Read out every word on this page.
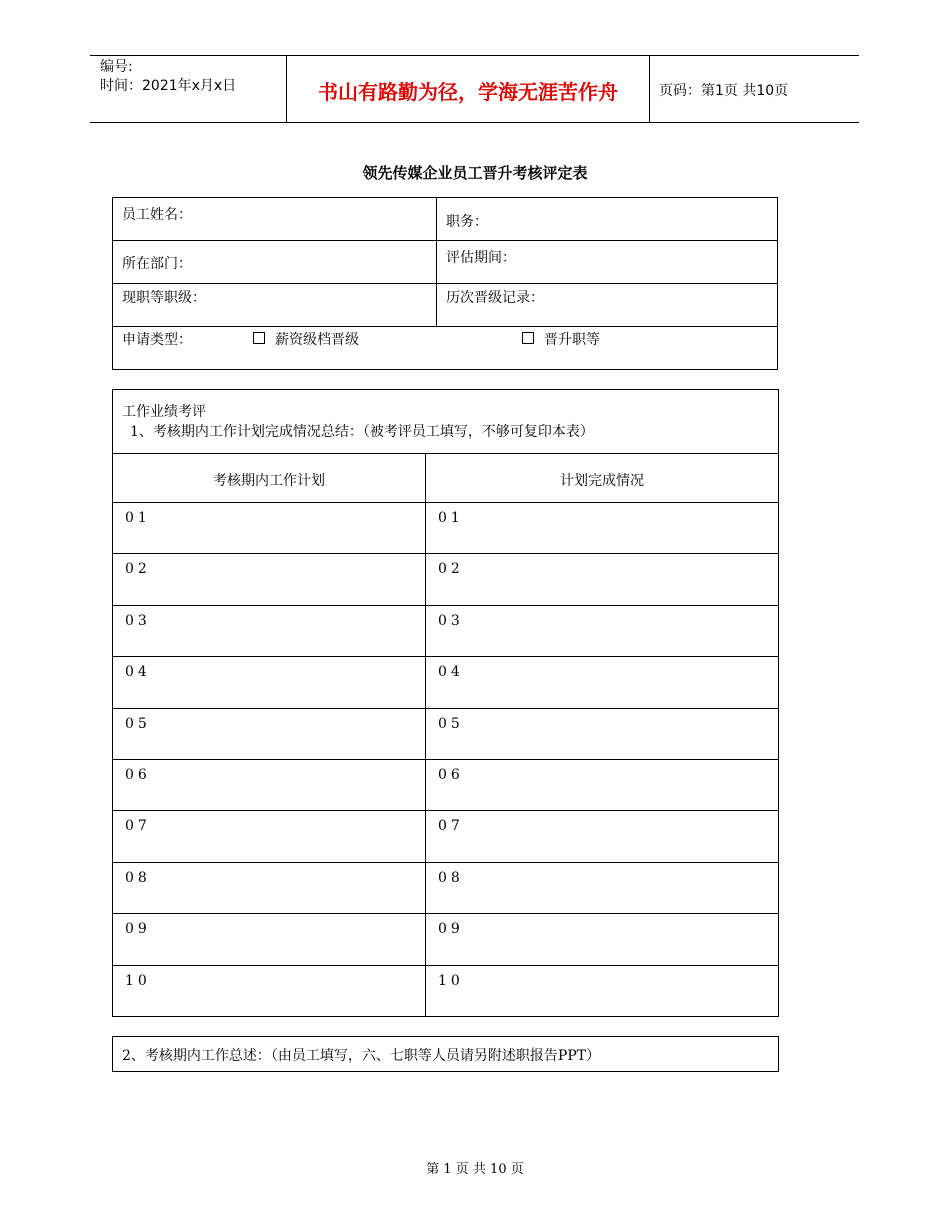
编号:
时间：2021年x月x日	书山有路勤为径，学海无涯苦作舟	页码：第1页 共10页
领先传媒企业员工晋升考核评定表
员工姓名：	职务：
所在部门：	评估期间：
现职等职级：	历次晋级记录：
申请类型：	薪资级档晋级	晋升职等
工作业绩考评
1、考核期内工作计划完成情况总结：（被考评员工填写，不够可复印本表）
考核期内工作计划	计划完成情况
01	01
02	02
03	03
04	04
05	05
06	06
07	07
08	08
09	09
10	10
2、考核期内工作总述：（由员工填写，六、七职等人员请另附述职报告PPT）
第 1 页 共 10 页
